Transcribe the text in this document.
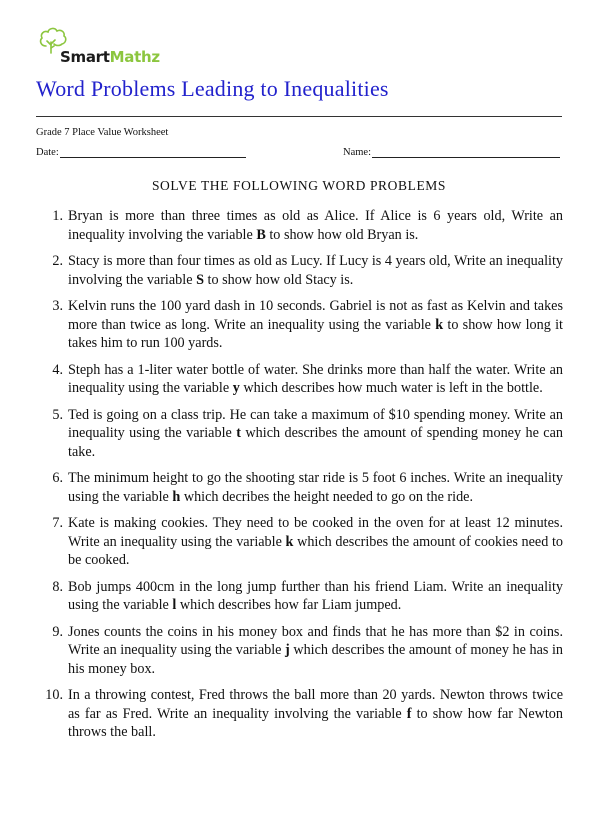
SmartMathz
Word Problems Leading to Inequalities
Grade 7 Place Value Worksheet
Date:	Name:
SOLVE THE FOLLOWING WORD PROBLEMS
1. Bryan is more than three times as old as Alice. If Alice is 6 years old, Write an inequality involving the variable B to show how old Bryan is.
2. Stacy is more than four times as old as Lucy. If Lucy is 4 years old, Write an inequality involving the variable S to show how old Stacy is.
3. Kelvin runs the 100 yard dash in 10 seconds. Gabriel is not as fast as Kelvin and takes more than twice as long. Write an inequality using the variable k to show how long it takes him to run 100 yards.
4. Steph has a 1-liter water bottle of water. She drinks more than half the water. Write an inequality using the variable y which describes how much water is left in the bottle.
5. Ted is going on a class trip. He can take a maximum of $10 spending money. Write an inequality using the variable t which describes the amount of spending money he can take.
6. The minimum height to go the shooting star ride is 5 foot 6 inches. Write an inequality using the variable h which decribes the height needed to go on the ride.
7. Kate is making cookies. They need to be cooked in the oven for at least 12 minutes. Write an inequality using the variable k which describes the amount of cookies need to be cooked.
8. Bob jumps 400cm in the long jump further than his friend Liam. Write an inequality using the variable l which describes how far Liam jumped.
9. Jones counts the coins in his money box and finds that he has more than $2 in coins. Write an inequality using the variable j which describes the amount of money he has in his money box.
10. In a throwing contest, Fred throws the ball more than 20 yards. Newton throws twice as far as Fred. Write an inequality involving the variable f to show how far Newton throws the ball.
